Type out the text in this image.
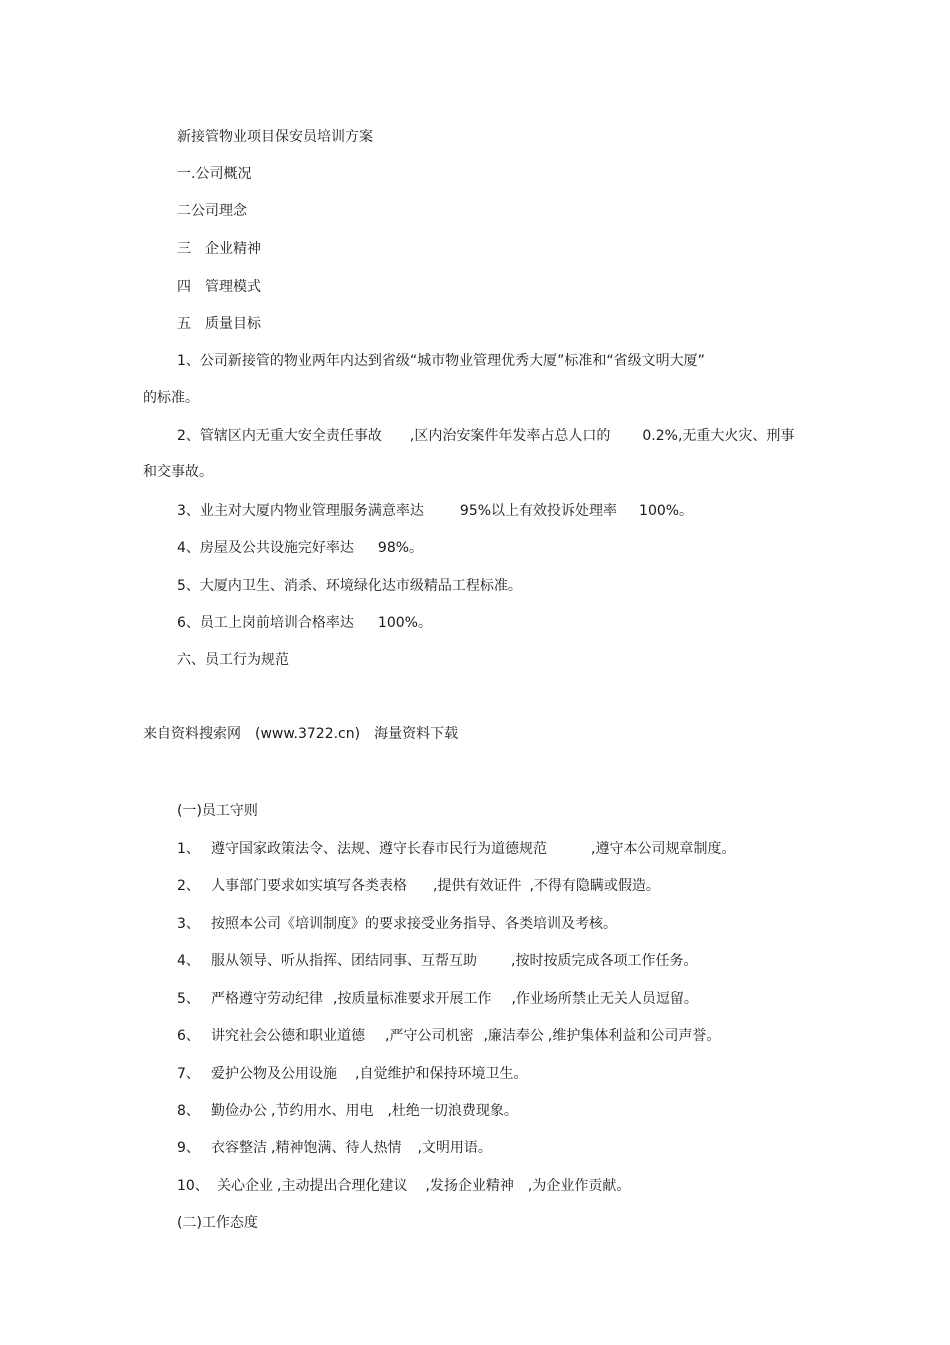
新接管物业项目保安员培训方案
一.公司概况
二公司理念
三 企业精神
四 管理模式
五 质量目标
1、公司新接管的物业两年内达到省级“城市物业管理优秀大厦”标准和“省级文明大厦”
的标准。
2、管辖区内无重大安全责任事故 ,区内治安案件年发率占总人口的 0.2%,无重大火灾、刑事
和交事故。
3、业主对大厦内物业管理服务满意率达	95%以上有效投诉处理率 100%。
4、房屋及公共设施完好率达 98%。
5、大厦内卫生、消杀、环境绿化达市级精品工程标准。
6、员工上岗前培训合格率达 100%。
六、员工行为规范
来自资料搜索网 (www.3722.cn) 海量资料下载
(一)员工守则
1、 遵守国家政策法令、法规、遵守长春市民行为道德规范	,遵守本公司规章制度。
2、 人事部门要求如实填写各类表格 ,提供有效证件 ,不得有隐瞒或假造。
3、 按照本公司《培训制度》的要求接受业务指导、各类培训及考核。
4、 服从领导、听从指挥、团结同事、互帮互助 ,按时按质完成各项工作任务。
5、 严格遵守劳动纪律 ,按质量标准要求开展工作 ,作业场所禁止无关人员逗留。
6、 讲究社会公德和职业道德 ,严守公司机密 ,廉洁奉公 ,维护集体利益和公司声誉。
7、 爱护公物及公用设施 ,自觉维护和保持环境卫生。
8、 勤俭办公 ,节约用水、用电 ,杜绝一切浪费现象。
9、 衣容整洁 ,精神饱满、待人热情 ,文明用语。
10、 关心企业 ,主动提出合理化建议 ,发扬企业精神 ,为企业作贡献。
(二)工作态度
